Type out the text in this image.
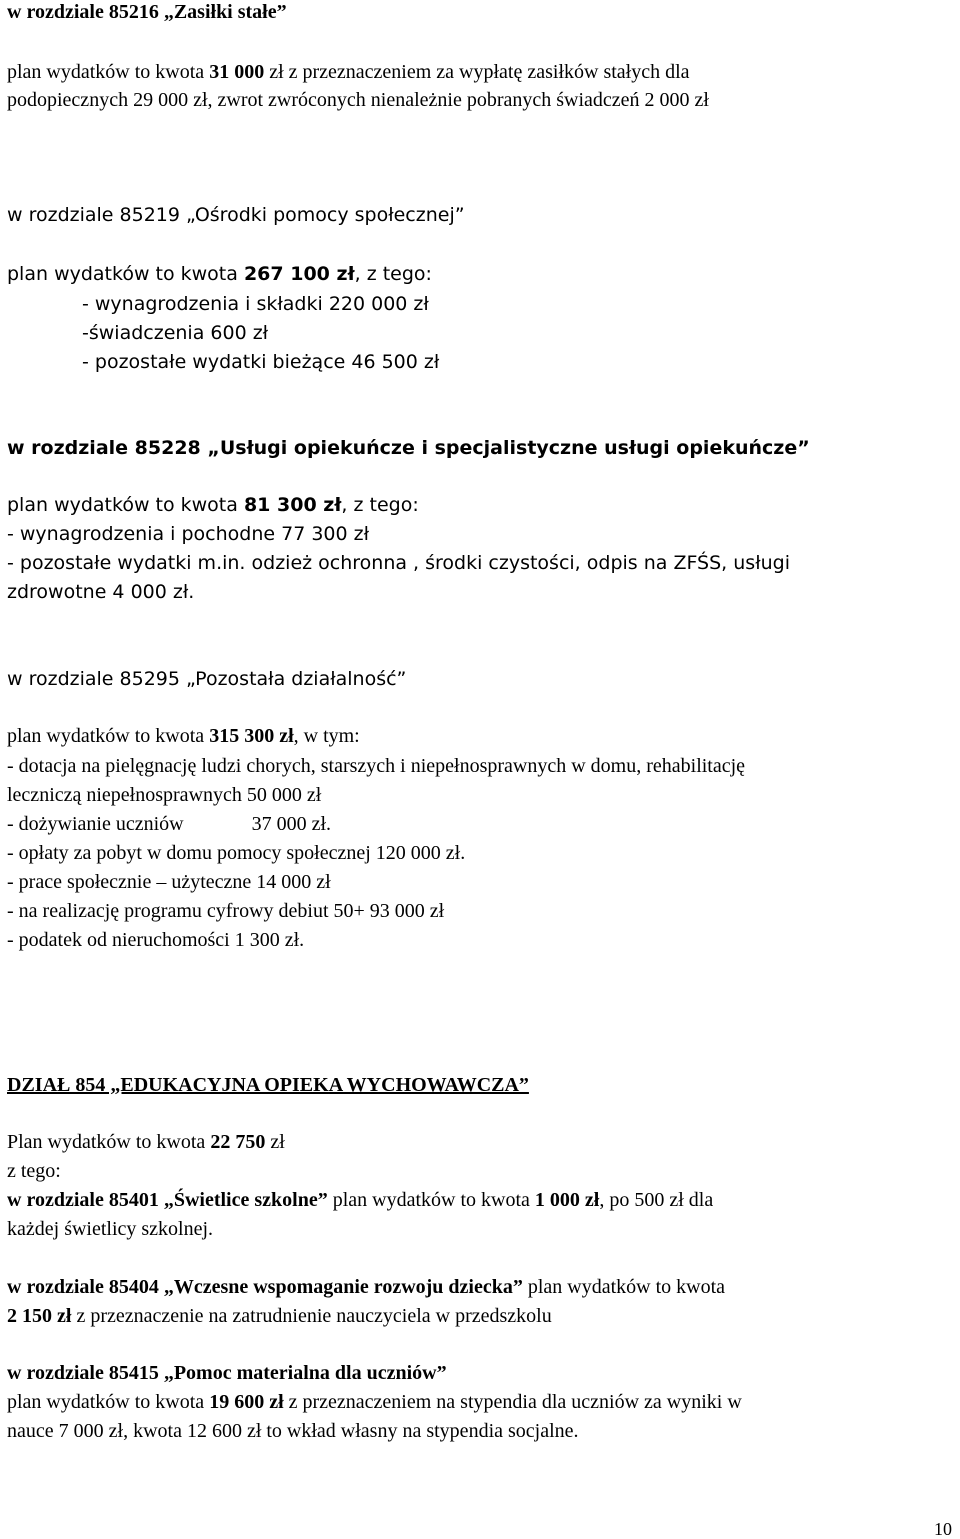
w rozdziale 85216 „Zasiłki stałe”
plan wydatków to kwota 31 000 zł z przeznaczeniem za wypłatę zasiłków stałych dla
podopiecznych 29 000 zł, zwrot zwróconych nienależnie pobranych świadczeń 2 000 zł
w rozdziale 85219 „Ośrodki pomocy społecznej”
plan wydatków to kwota 267 100 zł, z tego:
- wynagrodzenia i składki 220 000 zł
-świadczenia 600 zł
- pozostałe wydatki bieżące 46 500 zł
w rozdziale 85228 „Usługi opiekuńcze i specjalistyczne usługi opiekuńcze”
plan wydatków to kwota 81 300 zł, z tego:
- wynagrodzenia i pochodne 77 300 zł
- pozostałe wydatki m.in. odzież ochronna , środki czystości, odpis na ZFŚS, usługi
zdrowotne 4 000 zł.
w rozdziale 85295 „Pozostała działalność”
plan wydatków to kwota 315 300 zł, w tym:
- dotacja na pielęgnację ludzi chorych, starszych i niepełnosprawnych w domu, rehabilitację
leczniczą niepełnosprawnych 50 000 zł
- dożywianie uczniów	37 000 zł.
- opłaty za pobyt w domu pomocy społecznej 120 000 zł.
- prace społecznie – użyteczne 14 000 zł
- na realizację programu cyfrowy debiut 50+ 93 000 zł
- podatek od nieruchomości 1 300 zł.
DZIAŁ 854 „EDUKACYJNA OPIEKA WYCHOWAWCZA”
Plan wydatków to kwota 22 750 zł
z tego:
w rozdziale 85401 „Świetlice szkolne” plan wydatków to kwota 1 000 zł, po 500 zł dla
każdej świetlicy szkolnej.
w rozdziale 85404 „Wczesne wspomaganie rozwoju dziecka” plan wydatków to kwota
2 150 zł z przeznaczenie na zatrudnienie nauczyciela w przedszkolu
w rozdziale 85415 „Pomoc materialna dla uczniów”
plan wydatków to kwota 19 600 zł z przeznaczeniem na stypendia dla uczniów za wyniki w
nauce 7 000 zł, kwota 12 600 zł to wkład własny na stypendia socjalne.
10
